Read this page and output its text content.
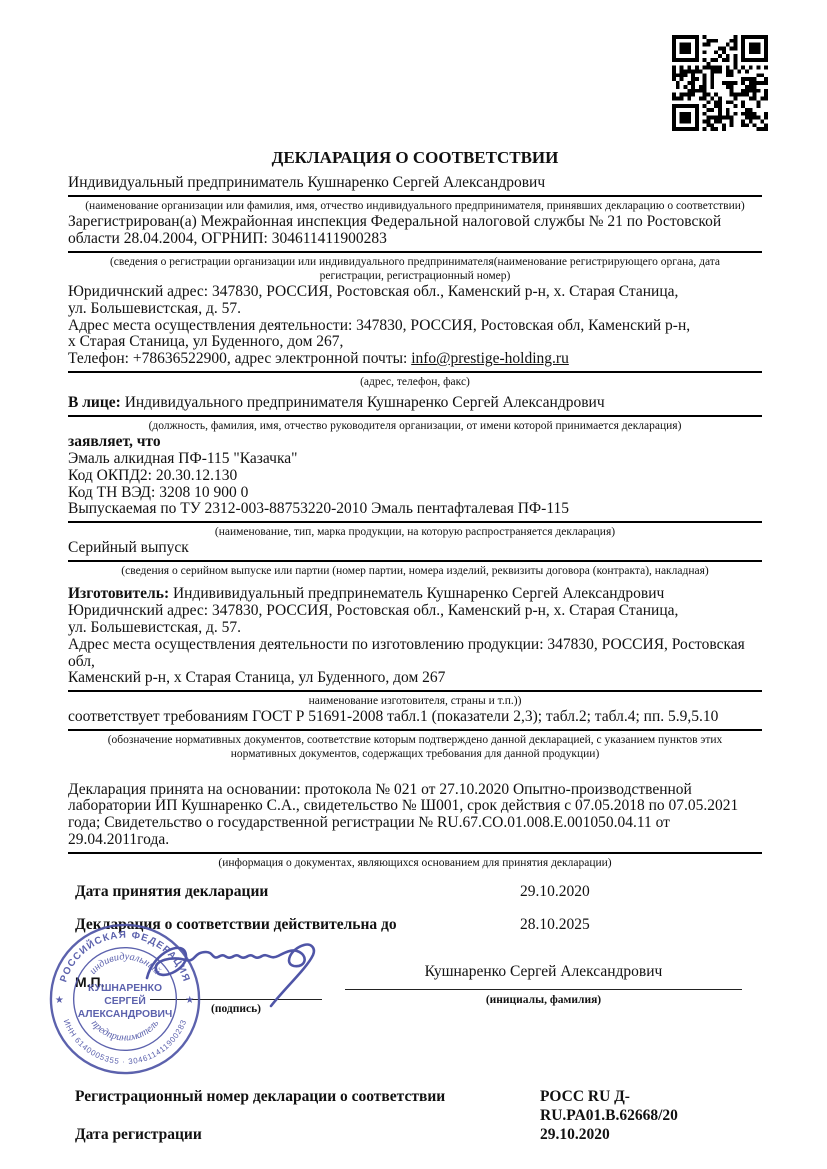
ДЕКЛАРАЦИЯ О СООТВЕТСТВИИ
Индивидуальный предприниматель Кушнаренко Сергей Александрович
(наименование организации или фамилия, имя, отчество индивидуального предпринимателя, принявших декларацию о соответствии)
Зарегистрирован(а) Межрайонная инспекция Федеральной налоговой службы № 21 по Ростовской области 28.04.2004, ОГРНИП: 304611411900283
(сведения о регистрации организации или индивидуального предпринимателя(наименование регистрирующего органа, дата
регистрации, регистрационный номер)
Юридичнский адрес: 347830, РОССИЯ, Ростовская обл., Каменский р-н, х. Старая Станица,
ул. Большевистская, д. 57.
Адрес места осуществления деятельности: 347830, РОССИЯ, Ростовская обл, Каменский р-н,
х Старая Станица, ул Буденного, дом 267,
Телефон: +78636522900, адрес электронной почты: info@prestige-holding.ru
(адрес, телефон, факс)
В лице: Индивидуального предпринимателя Кушнаренко Сергей Александрович
(должность, фамилия, имя, отчество руководителя организации, от имени которой принимается декларация)
заявляет, что
Эмаль алкидная ПФ-115 "Казачка"
Код ОКПД2: 20.30.12.130
Код ТН ВЭД: 3208 10 900 0
Выпускаемая по ТУ 2312-003-88753220-2010 Эмаль пентафталевая ПФ-115
(наименование, тип, марка продукции, на которую распространяется декларация)
Серийный выпуск
(сведения о серийном выпуске или партии (номер партии, номера изделий, реквизиты договора (контракта), накладная)
Изготовитель: Индививидуальный предпринематель Кушнаренко Сергей Александрович
Юридичнский адрес: 347830, РОССИЯ, Ростовская обл., Каменский р-н, х. Старая Станица,
ул. Большевистская, д. 57.
Адрес места осуществления деятельности по изготовлению продукции: 347830, РОССИЯ, Ростовская обл,
Каменский р-н, х Старая Станица, ул Буденного, дом 267
наименование изготовителя, страны и т.п.))
соответствует требованиям ГОСТ Р 51691-2008 табл.1 (показатели 2,3); табл.2; табл.4; пп. 5.9,5.10
(обозначение нормативных документов, соответствие которым подтверждено данной декларацией, с указанием пунктов этих
нормативных документов, содержащих требования для данной продукции)
Декларация принята на основании: протокола № 021 от 27.10.2020 Опытно-производственной лаборатории ИП Кушнаренко С.А., свидетельство № Ш001, срок действия с 07.05.2018 по 07.05.2021 года; Свидетельство о государственной регистрации № RU.67.CO.01.008.E.001050.04.11 от 29.04.2011года.
(информация о документах, являющихся основанием для принятия декларации)
Дата принятия декларации	29.10.2020
Декларация о соответствии действительна до	28.10.2025
М.П.
(подпись)
Кушнаренко Сергей Александрович
(инициалы, фамилия)
Регистрационный номер декларации о соответствии	РОСС RU Д-RU.PA01.B.62668/20
Дата регистрации	29.10.2020
РОССИЙСКАЯ ФЕДЕРАЦИЯ
ИНН 6140005355 · 304611411900283
индивидуальный
предприниматель
★	★
КУШНАРЕНКО
СЕРГЕЙ
АЛЕКСАНДРОВИЧ
